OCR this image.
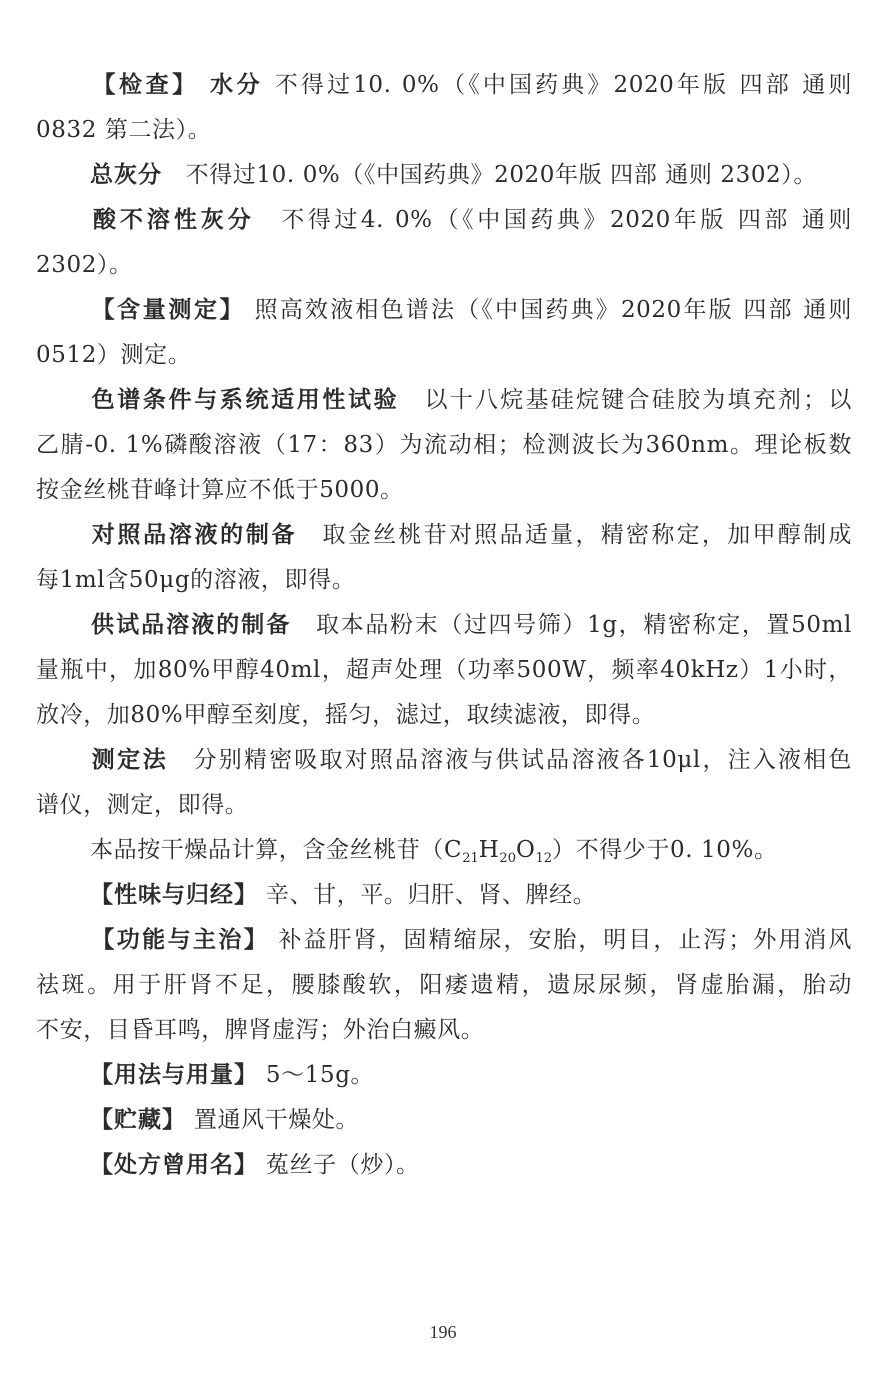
【检查】 水分 不得过10. 0%（《中国药典》2020年版 四部 通则
0832 第二法）。
总灰分　 不得过10. 0%（《中国药典》2020年版 四部 通则 2302）。
酸不溶性灰分　 不得过4. 0%（《中国药典》2020年版 四部 通则
2302）。
【含量测定】 照高效液相色谱法（《中国药典》2020年版 四部 通则
0512）测定。
色谱条件与系统适用性试验　 以十八烷基硅烷键合硅胶为填充剂；以
乙腈-0. 1%磷酸溶液（17：83）为流动相；检测波长为360nm。理论板数
按金丝桃苷峰计算应不低于5000。
对照品溶液的制备　 取金丝桃苷对照品适量，精密称定，加甲醇制成
每1ml含50μg的溶液，即得。
供试品溶液的制备　 取本品粉末（过四号筛）1g，精密称定，置50ml
量瓶中，加80%甲醇40ml，超声处理（功率500W，频率40kHz）1小时，
放冷，加80%甲醇至刻度，摇匀，滤过，取续滤液，即得。
测定法　 分别精密吸取对照品溶液与供试品溶液各10μl，注入液相色
谱仪，测定，即得。
本品按干燥品计算，含金丝桃苷$(C_{21}H_{20}O_{12})$不得少于0. 10%。
【性味与归经】 辛、甘，平。归肝、肾、脾经。
【功能与主治】 补益肝肾，固精缩尿，安胎，明目，止泻；外用消风
祛斑。用于肝肾不足，腰膝酸软，阳痿遗精，遗尿尿频，肾虚胎漏，胎动
不安，目昏耳鸣，脾肾虚泻；外治白癜风。
【用法与用量】 5～15g。
【贮藏】 置通风干燥处。
【处方曾用名】 菟丝子（炒）。
196
